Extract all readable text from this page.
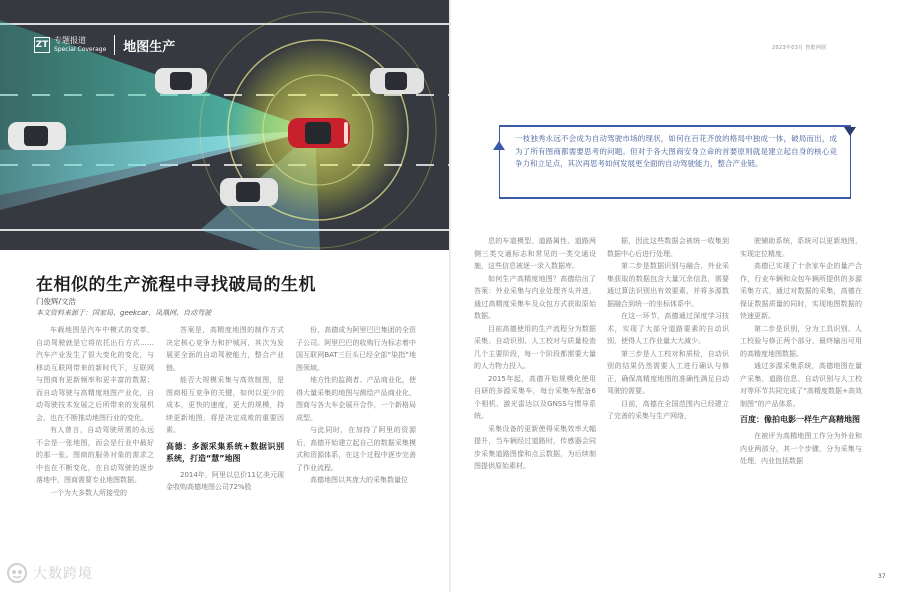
ZT 专题报道
Special Coverage 地图生产
在相似的生产流程中寻找破局的生机
门俊辉/文浩
本文资料来源于：国家局、geekcar、凤凰网、自动驾驶

车载地图是汽车中模式的变革，自动驾驶就是它将依托出行方式……汽车产业发生了很大变化的变化，与移动互联网带来的新时代下，互联网与图商有更新频率和更丰富的数据；而自动驾驶与高精度地图产业化，自动驾驶技术发展之后所带来的发展机会，也在不断推动地图行业的变化。

有人曾言，自动驾驶所需的永远不会是一张地图，而会是行业中最好的那一张。图商的服务对象的需求之中也在不断变化，在自动驾驶的逐步落地中，图商需要专业地图数据。

一个为大多数人所接受的

答案是，高精度地图的制作方式决定核心竞争力和护城河，其次为发展更全面的自动驾驶能力，整合产业链。

能否大规模采集与高效制图，是图商相互竞争的关键，如何以更少的成本，更快的速度，更大的规模，持续更新地图，将是决定成败的重要因素。

高德：多源采集系统+数据识别系统，打造“慧”地图

2014年，阿里以总价11亿美元现金收购高德地图公司72%股

份，高德成为阿里巴巴集团的全资子公司。阿里巴巴的收购行为标志着中国互联网BAT三巨头已经全部“染指”地图领域。

地方性的监测者、产品商业化，使得大量采集的地图与测绘产品商业化，图商与各大车企展开合作，一个新格局成型。

与此同时，在加持了阿里的资源后，高德开始建立起自己的数据采集模式和资源体系，在这个过程中逐步完善了作业流程。

高德地图以其庞大的采集数量位

2023年03月 智能网联
一枝独秀永远不会成为自动驾驶市场的现状，如何在百花齐放的格局中独成一体，破局而出，成为了所有图商都需要思考的问题。但对于各大图商安身立命的首要原则就是建立起自身的核心竞争力和立足点，其次再思考如何发展更全面的自动驾驶能力，整合产业链。

息的车道模型、道路属性、道路两侧三类交通标志和常见的一类交通设施，这些信息被逐一录入数据库。

如何生产高精度地图？高德给出了答案：外业采集与内业处理齐头并进，通过高精度采集车及众包方式获取原始数据。

目前高德使用的生产流程分为数据采集、自动识别、人工校对与质量检查几个主要阶段，每一个阶段都需要大量的人力物力投入。

2015年起，高德开始规模化使用自研的多源采集车，每台采集车配备6个相机、激光雷达以及GNSS与惯导系统。

采集设备的更新使得采集效率大幅提升，当车辆经过道路时，传感器会同步采集道路图像和点云数据，为后续制图提供原始素材。

据，因此这些数据会被统一收集到数据中心后进行处理。

第二步是数据识别与融合，外业采集获取的数据包含大量冗余信息，需要通过算法识别出有效要素，并将多源数据融合到统一的坐标体系中。

在这一环节，高德通过深度学习技术，实现了大部分道路要素的自动识别，使得人工作业量大大减少。

第三步是人工校对和质检，自动识别的结果仍然需要人工进行确认与修正，确保高精度地图的准确性满足自动驾驶的需要。

目前，高德在全国范围内已经建立了完善的采集与生产网络，

驶辅助系统，系统可以更新地图，实现定位精度。

高德已实现了十余家车企的量产合作，行业车辆和众包车辆所提供的多源采集方式，通过对数据的采集，高德在保证数据质量的同时，实现地图数据的快速更新。

第二步是识别，分为工具识别、人工校验与修正两个部分，最终输出可用的高精度地图数据。

通过多源采集系统，高德地图在量产采集、道路信息、自动识别与人工校对等环节共同完成了“高精度数据+高效制图”的产品体系。

百度：像拍电影一样生产高精地图

在被评为高精地图工作分为外业和内业两部分，其一个步骤，分为采集与处理，内业包括数据

37
大数跨境
